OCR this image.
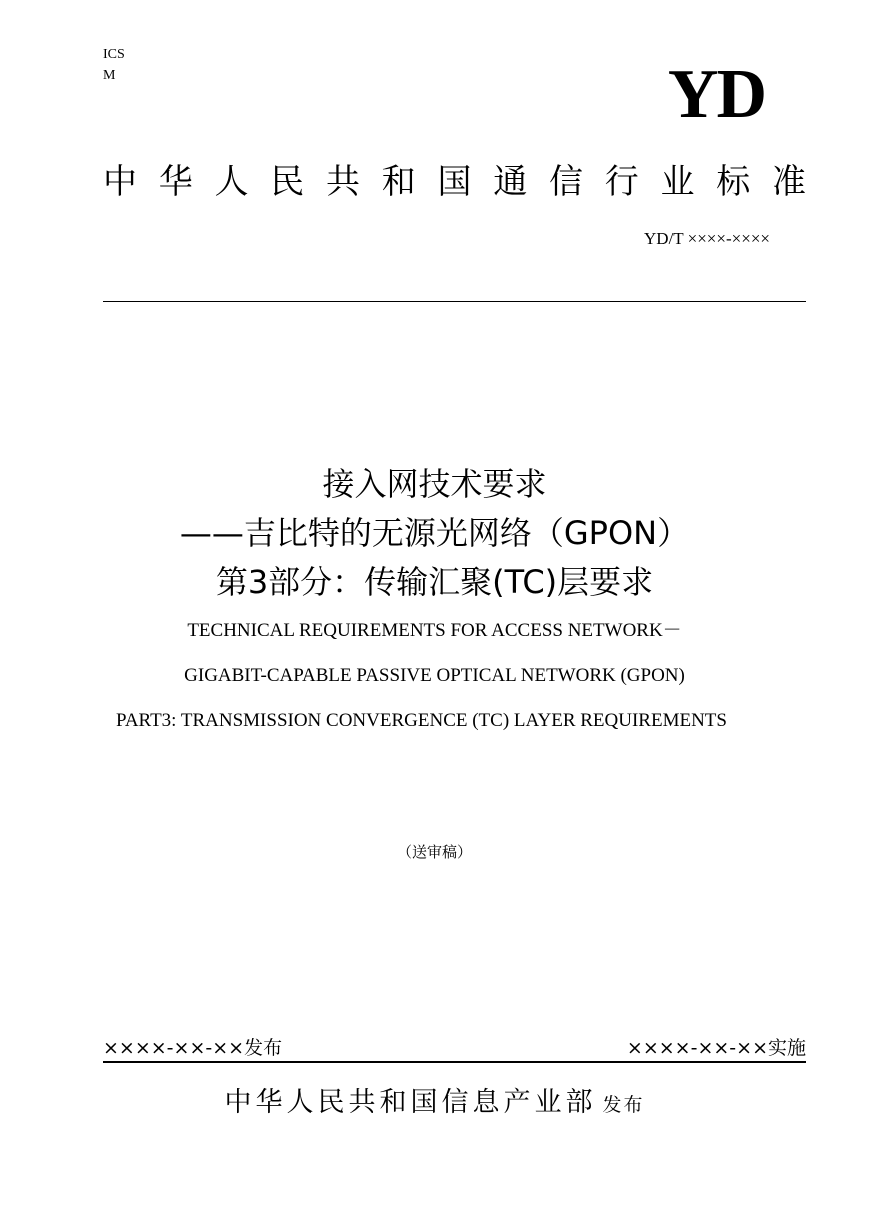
ICS
M	YD
中华人民共和国通信行业标准
YD/T ××××-××××
接入网技术要求
——吉比特的无源光网络（GPON）
第3部分：传输汇聚(TC)层要求
TECHNICAL REQUIREMENTS FOR ACCESS NETWORK－
GIGABIT-CAPABLE PASSIVE OPTICAL NETWORK (GPON)
PART3: TRANSMISSION CONVERGENCE (TC) LAYER REQUIREMENTS
（送审稿）
××××-××-××发布	××××-××-××实施
中华人民共和国信息产业部 发布
